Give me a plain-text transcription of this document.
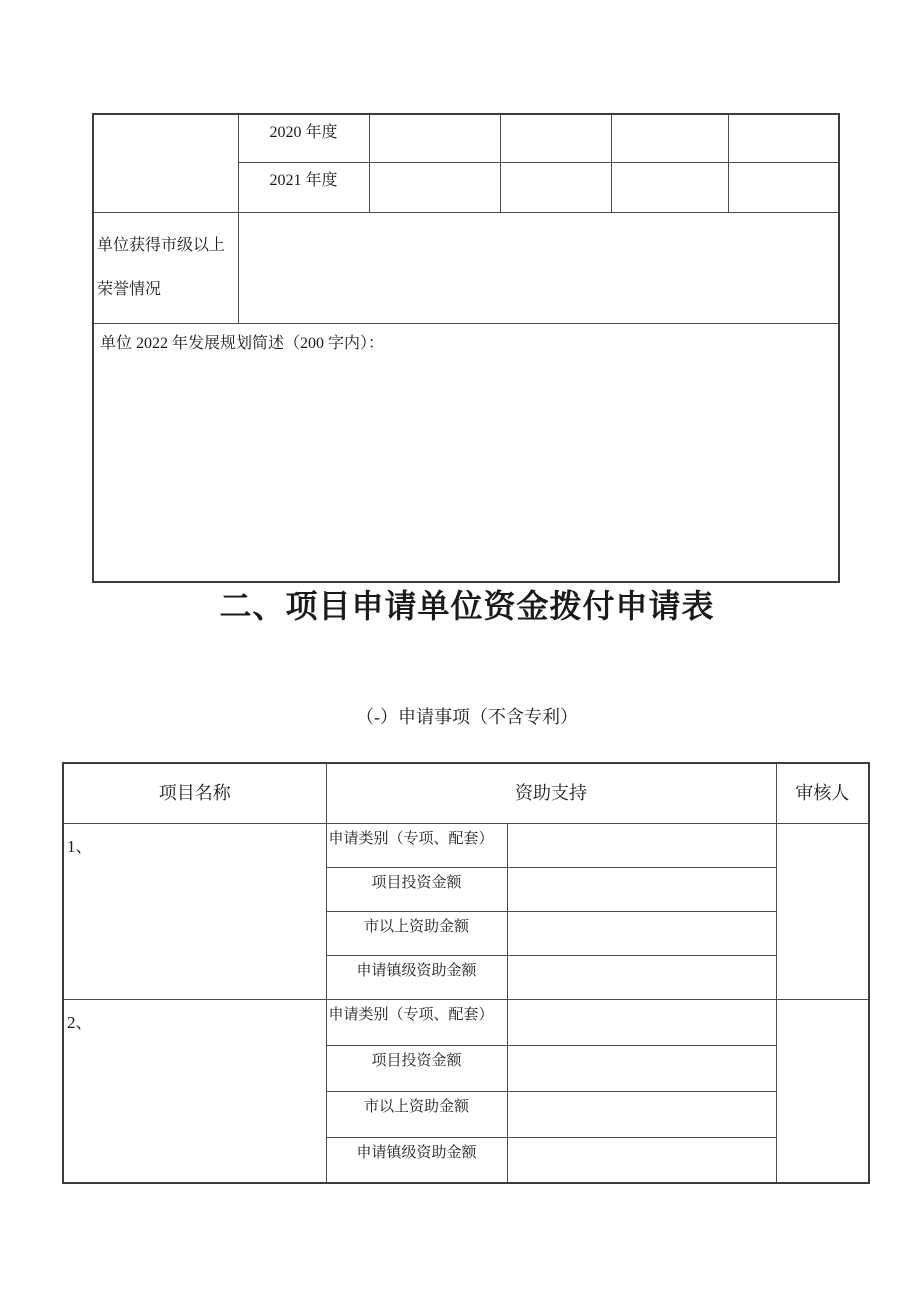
	2020 年度				
	2021 年度				
单位获得市级以上荣誉情况					
单位 2022 年发展规划简述（200 字内）：					
二、项目申请单位资金拨付申请表
（-）申请事项（不含专利）
项目名称	资助支持		审核人
1、	申请类别（专项、配套）		
	项目投资金额		
	市以上资助金额		
	申请镇级资助金额		
2、	申请类别（专项、配套）		
	项目投资金额		
	市以上资助金额		
	申请镇级资助金额		
